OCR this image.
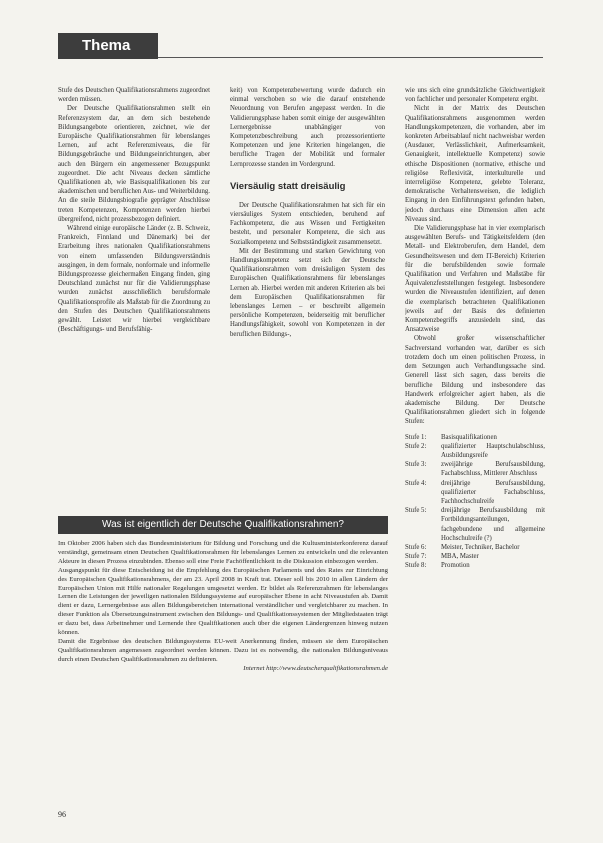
Thema

Stufe des Deutschen Qualifikationsrahmens zugeordnet werden müssen.

Der Deutsche Qualifikationsrahmen stellt ein Referenzsystem dar, an dem sich bestehende Bildungsangebote orientieren, zeichnet, wie der Europäische Qualifikationsrahmen für lebenslanges Lernen, auf acht Referenzniveaus, die für Bildungsgebräuche und Bildungseinrichtungen, aber auch den Bürgern ein angemessener Bezugspunkt zugeordnet. Die acht Niveaus decken sämtliche Qualifikationen ab, wie Basisqualifikationen bis zur akademischen und beruflichen Aus- und Weiterbildung. An die steile Bildungsbiografie geprägter Abschlüsse treten Kompetenzen, Kompetenzen werden hierbei übergreifend, nicht prozessbezogen definiert.

Während einige europäische Länder (z. B. Schweiz, Frankreich, Finnland und Dänemark) bei der Erarbeitung ihres nationalen Qualifikationsrahmens von einem umfassenden Bildungsverständnis ausgingen, in dem formale, nonformale und informelle Bildungsprozesse gleichermaßen Eingang finden, ging Deutschland zunächst nur für die Validierungsphase wurden zunächst ausschließlich berufsformale Qualifikationsprofile als Maßstab für die Zuordnung zu den Stufen des Deutschen Qualifikationsrahmens gewählt. Leistet wir hierbei vergleichbare (Beschäftigungs- und Berufsfähig-

keit) von Kompetenzbewertung wurde dadurch ein einmal verschoben so wie die darauf entstehende Neuordnung von Berufen angepasst werden. In die Validierungsphase haben somit einige der ausgewählten Lernergebnisse unabhängiger von Kompetenzbeschreibung auch prozessorientierte Kompetenzen und jene Kriterien hingelangen, die berufliche Tragen der Mobilität und formaler Lernprozesse standen im Vordergrund.

Viersäulig statt dreisäulig

Der Deutsche Qualifikationsrahmen hat sich für ein viersäuliges System entschieden, beruhend auf Fachkompetenz, die aus Wissen und Fertigkeiten besteht, und personaler Kompetenz, die sich aus Sozialkompetenz und Selbstständigkeit zusammensetzt.

Mit der Bestimmung und starken Gewichtung von Handlungskompetenz setzt sich der Deutsche Qualifikationsrahmen vom dreisäuligen System des Europäischen Qualifikationsrahmens für lebenslanges Lernen ab. Hierbei werden mit anderen Kriterien als bei dem Europäischen Qualifikationsrahmen für lebenslanges Lernen – er beschreibt allgemein persönliche Kompetenzen, beiderseitig mit beruflicher Handlungsfähigkeit, sowohl von Kompetenzen in der beruflichen Bildungs-,

wie uns sich eine grundsätzliche Gleichwertigkeit von fachlicher und personaler Kompetenz ergibt.

Nicht in der Matrix des Deutschen Qualifikationsrahmens ausgenommen werden Handlungskompetenzen, die vorhanden, aber im konkreten Arbeitsablauf nicht nachweisbar werden (Ausdauer, Verlässlichkeit, Aufmerksamkeit, Genauigkeit, intellektuelle Kompetenz) sowie ethische Dispositionen (normative, ethische und religiöse Reflexivität, interkulturelle und interreligiöse Kompetenz, gelebte Toleranz, demokratische Verhaltensweisen, die lediglich Eingang in den Einführungstext gefunden haben, jedoch durchaus eine Dimension allen acht Niveaus sind.

Die Validierungsphase hat in vier exemplarisch ausgewählten Berufs- und Tätigkeitsfeldern (den Metall- und Elektroberufen, dem Handel, dem Gesundheitswesen und dem IT-Bereich) Kriterien für die berufsbildenden sowie formale Qualifikation und Verfahren und Maßstäbe für Äquivalenzfeststellungen festgelegt. Insbesondere wurden die Niveaustufen identifiziert, auf denen die exemplarisch betrachteten Qualifikationen jeweils auf der Basis des definierten Kompetenzbegriffs anzusiedeln sind, das Ansatzweise

Obwohl großer wissenschaftlicher Sachverstand vorhanden war, darüber es sich trotzdem doch um einen politischen Prozess, in dem Setzungen auch Verhandlungssache sind. Generell lässt sich sagen, dass bereits die berufliche Bildung und insbesondere das Handwerk erfolgreicher agiert haben, als die akademische Bildung. Der Deutsche Qualifikationsrahmen gliedert sich in folgende Stufen:

Stufe 1:	Basisqualifikationen
Stufe 2:	qualifizierter Hauptschulabschluss, Ausbildungsreife
Stufe 3:	zweijährige Berufsausbildung, Fachabschluss, Mittlerer Abschluss
Stufe 4:	dreijährige Berufsausbildung, qualifizierter Fachabschluss, Fachhochschulreife
Stufe 5:	dreijährige Berufsausbildung mit Fortbildungsanteilungen, fachgebundene und allgemeine Hochschulreife (?)
Stufe 6:	Meister, Techniker, Bachelor
Stufe 7:	MBA, Master
Stufe 8:	Promotion
Was ist eigentlich der Deutsche Qualifikationsrahmen?

Im Oktober 2006 haben sich das Bundesministerium für Bildung und Forschung und die Kultusministerkonferenz darauf verständigt, gemeinsam einen Deutschen Qualifikationsrahmen für lebenslanges Lernen zu entwickeln und die relevanten Akteure in diesen Prozess einzubinden. Ebenso soll eine Freie Fachöffentlichkeit in die Diskussion einbezogen werden.

Ausgangspunkt für diese Entscheidung ist die Empfehlung des Europäischen Parlaments und des Rates zur Einrichtung des Europäischen Qualifikationsrahmens, der am 23. April 2008 in Kraft trat. Dieser soll bis 2010 in allen Ländern der Europäischen Union mit Hilfe nationaler Regelungen umgesetzt werden. Er bildet als Referenzrahmen für lebenslanges Lernen die Leistungen der jeweiligen nationalen Bildungssysteme auf europäischer Ebene in acht Niveaustufen ab. Damit dient er dazu, Lernergebnisse aus allen Bildungsbereichen international verständlicher und vergleichbarer zu machen. In dieser Funktion als Übersetzungsinstrument zwischen den Bildungs- und Qualifikationssystemen der Mitgliedstaaten trägt er dazu bei, dass Arbeitnehmer und Lernende ihre Qualifikationen auch über die eigenen Ländergrenzen hinweg nutzen können.

Damit die Ergebnisse des deutschen Bildungssystems EU-weit Anerkennung finden, müssen sie dem Europäischen Qualifikationsrahmen angemessen zugeordnet werden können. Dazu ist es notwendig, die nationalen Bildungsniveaus durch einen Deutschen Qualifikationsrahmen zu definieren.

Internet http://www.deutscherqualifikationsrahmen.de

96
